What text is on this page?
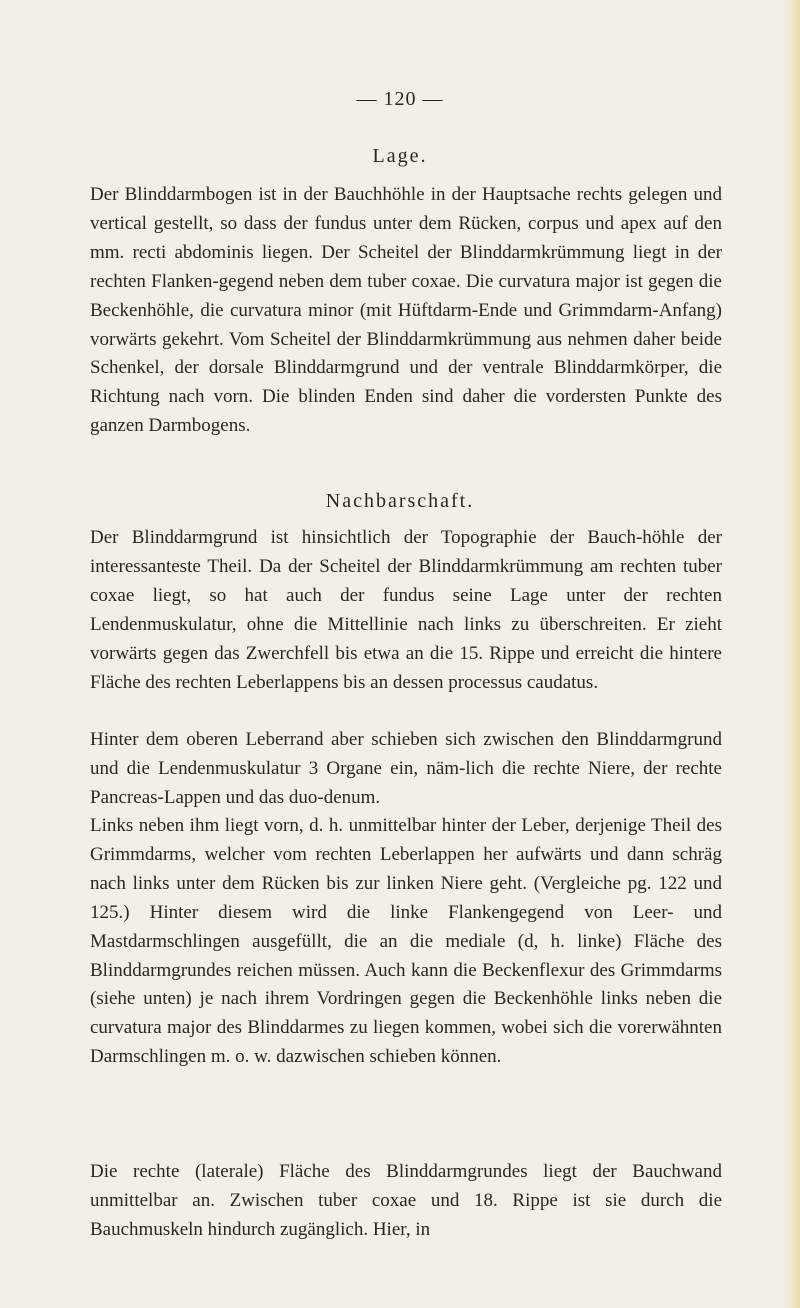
— 120 —
Lage.
Der Blinddarmbogen ist in der Bauchhöhle in der Hauptsache rechts gelegen und vertical gestellt, so dass der fundus unter dem Rücken, corpus und apex auf den mm. recti abdominis liegen. Der Scheitel der Blinddarmkrümmung liegt in der rechten Flanken-gegend neben dem tuber coxae. Die curvatura major ist gegen die Beckenhöhle, die curvatura minor (mit Hüftdarm-Ende und Grimmdarm-Anfang) vorwärts gekehrt. Vom Scheitel der Blinddarmkrümmung aus nehmen daher beide Schenkel, der dorsale Blinddarmgrund und der ventrale Blinddarmkörper, die Richtung nach vorn. Die blinden Enden sind daher die vordersten Punkte des ganzen Darmbogens.
Nachbarschaft.
Der Blinddarmgrund ist hinsichtlich der Topographie der Bauch-höhle der interessanteste Theil. Da der Scheitel der Blinddarmkrümmung am rechten tuber coxae liegt, so hat auch der fundus seine Lage unter der rechten Lendenmuskulatur, ohne die Mittellinie nach links zu überschreiten. Er zieht vorwärts gegen das Zwerchfell bis etwa an die 15. Rippe und erreicht die hintere Fläche des rechten Leberlappens bis an dessen processus caudatus.
Hinter dem oberen Leberrand aber schieben sich zwischen den Blinddarmgrund und die Lendenmuskulatur 3 Organe ein, näm-lich die rechte Niere, der rechte Pancreas-Lappen und das duo-denum.
Links neben ihm liegt vorn, d. h. unmittelbar hinter der Leber, derjenige Theil des Grimmdarms, welcher vom rechten Leberlappen her aufwärts und dann schräg nach links unter dem Rücken bis zur linken Niere geht. (Vergleiche pg. 122 und 125.) Hinter diesem wird die linke Flankengegend von Leer- und Mastdarmschlingen ausgefüllt, die an die mediale (d, h. linke) Fläche des Blinddarmgrundes reichen müssen. Auch kann die Beckenflexur des Grimmdarms (siehe unten) je nach ihrem Vordringen gegen die Beckenhöhle links neben die curvatura major des Blinddarmes zu liegen kommen, wobei sich die vorerwähnten Darmschlingen m. o. w. dazwischen schieben können.
Die rechte (laterale) Fläche des Blinddarmgrundes liegt der Bauchwand unmittelbar an. Zwischen tuber coxae und 18. Rippe ist sie durch die Bauchmuskeln hindurch zugänglich. Hier, in
